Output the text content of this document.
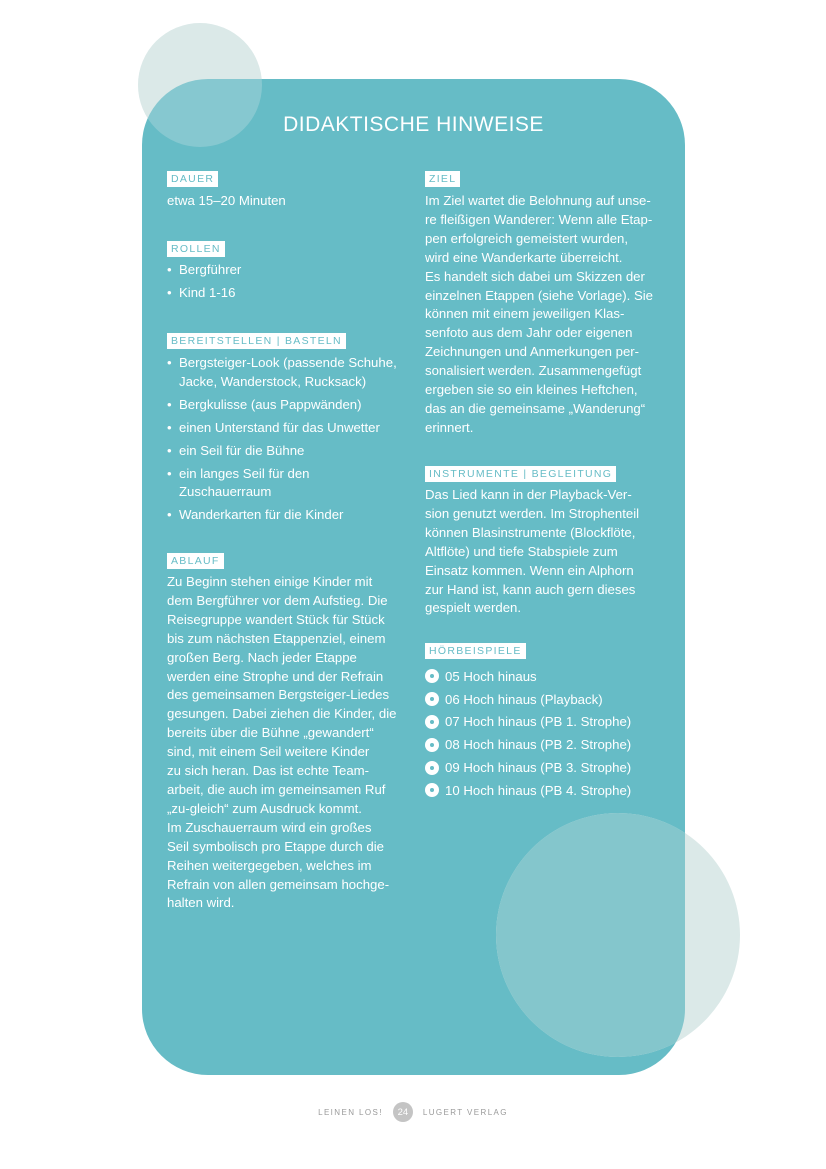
DIDAKTISCHE HINWEISE
DAUER
etwa 15–20 Minuten
ROLLEN
• Bergführer
• Kind 1-16
BEREITSTELLEN | BASTELN
• Bergsteiger-Look (passende Schuhe,
Jacke, Wanderstock, Rucksack)
• Bergkulisse (aus Pappwänden)
• einen Unterstand für das Unwetter
• ein Seil für die Bühne
• ein langes Seil für den
Zuschauerraum
• Wanderkarten für die Kinder
ABLAUF
Zu Beginn stehen einige Kinder mit
dem Bergführer vor dem Aufstieg. Die
Reisegruppe wandert Stück für Stück
bis zum nächsten Etappenziel, einem
großen Berg. Nach jeder Etappe
werden eine Strophe und der Refrain
des gemeinsamen Bergsteiger-Liedes
gesungen. Dabei ziehen die Kinder, die
bereits über die Bühne „gewandert“
sind, mit einem Seil weitere Kinder
zu sich heran. Das ist echte Team-
arbeit, die auch im gemeinsamen Ruf
„zu-gleich“ zum Ausdruck kommt.
Im Zuschauerraum wird ein großes
Seil symbolisch pro Etappe durch die
Reihen weitergegeben, welches im
Refrain von allen gemeinsam hochge-
halten wird.
ZIEL
Im Ziel wartet die Belohnung auf unse-
re fleißigen Wanderer: Wenn alle Etap-
pen erfolgreich gemeistert wurden,
wird eine Wanderkarte überreicht.
Es handelt sich dabei um Skizzen der
einzelnen Etappen (siehe Vorlage). Sie
können mit einem jeweiligen Klas-
senfoto aus dem Jahr oder eigenen
Zeichnungen und Anmerkungen per-
sonalisiert werden. Zusammengefügt
ergeben sie so ein kleines Heftchen,
das an die gemeinsame „Wanderung“
erinnert.
INSTRUMENTE | BEGLEITUNG
Das Lied kann in der Playback-Ver-
sion genutzt werden. Im Strophenteil
können Blasinstrumente (Blockflöte,
Altflöte) und tiefe Stabspiele zum
Einsatz kommen. Wenn ein Alphorn
zur Hand ist, kann auch gern dieses
gespielt werden.
HÖRBEISPIELE
05 Hoch hinaus
06 Hoch hinaus (Playback)
07 Hoch hinaus (PB 1. Strophe)
08 Hoch hinaus (PB 2. Strophe)
09 Hoch hinaus (PB 3. Strophe)
10 Hoch hinaus (PB 4. Strophe)
LEINEN LOS!	24	LUGERT VERLAG
